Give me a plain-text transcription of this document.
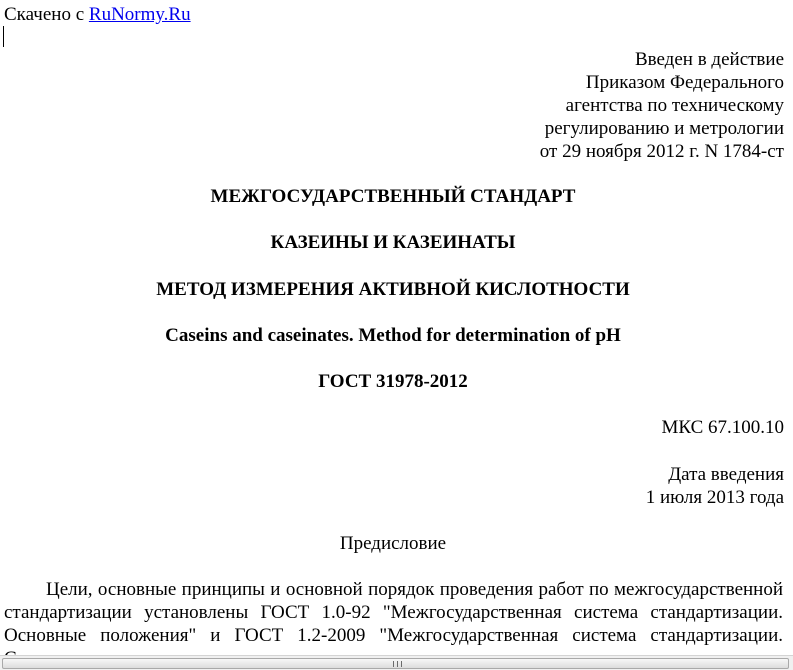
Скачено с RuNormy.Ru
Введен в действие
Приказом Федерального
агентства по техническому
регулированию и метрологии
от 29 ноября 2012 г. N 1784-ст
МЕЖГОСУДАРСТВЕННЫЙ СТАНДАРТ
КАЗЕИНЫ И КАЗЕИНАТЫ
МЕТОД ИЗМЕРЕНИЯ АКТИВНОЙ КИСЛОТНОСТИ
Caseins and caseinates. Method for determination of pH
ГОСТ 31978-2012
МКС 67.100.10
Дата введения
1 июля 2013 года
Предисловие
Цели, основные принципы и основной порядок проведения работ по межгосударственной стандартизации установлены ГОСТ 1.0-92 "Межгосударственная система стандартизации. Основные положения" и ГОСТ 1.2-2009 "Межгосударственная система стандартизации.
